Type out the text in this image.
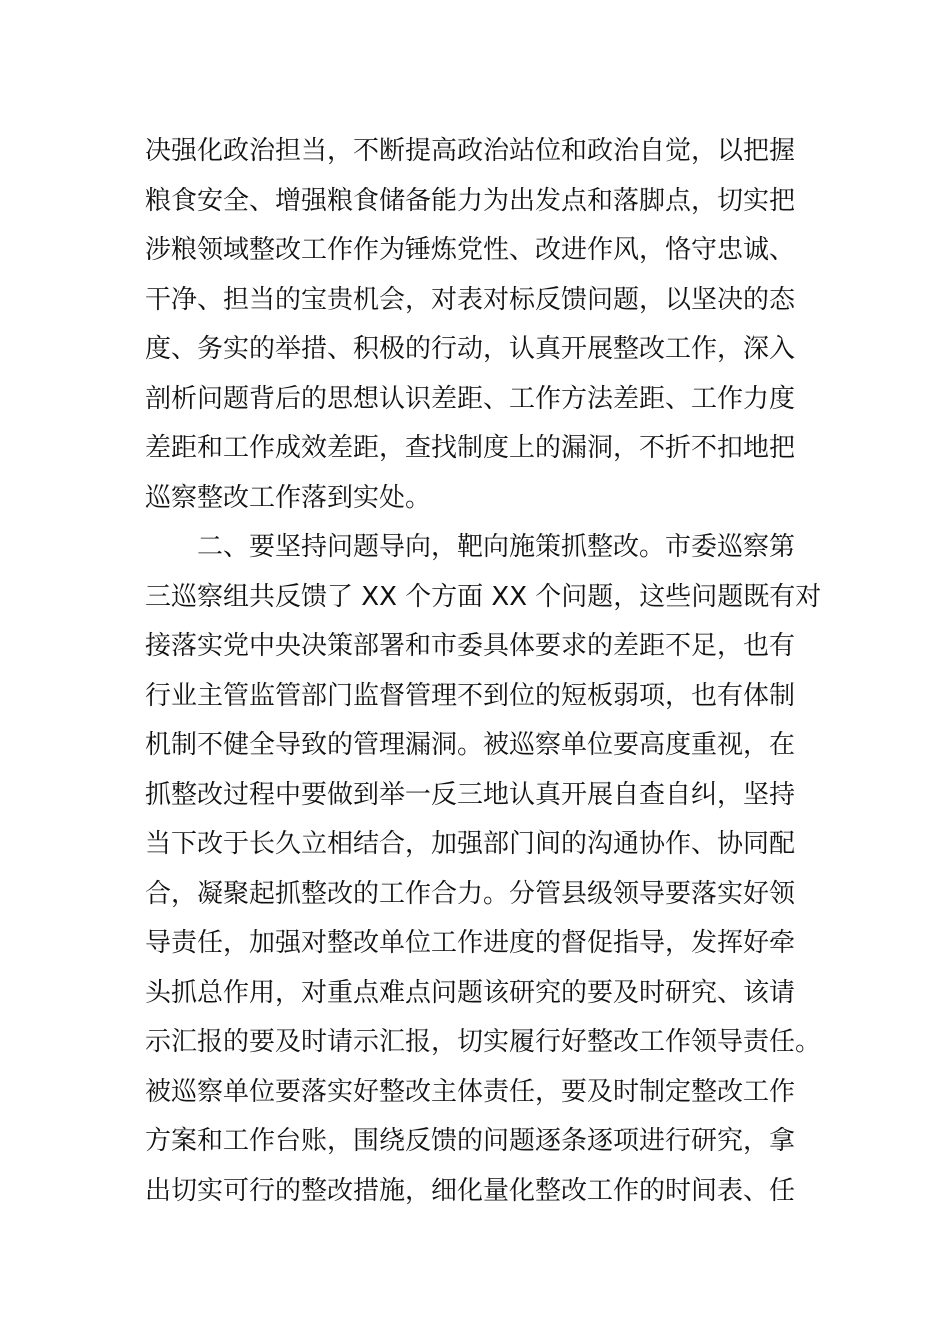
决强化政治担当，不断提高政治站位和政治自觉，以把握
粮食安全、增强粮食储备能力为出发点和落脚点，切实把
涉粮领域整改工作作为锤炼党性、改进作风，恪守忠诚、
干净、担当的宝贵机会，对表对标反馈问题，以坚决的态
度、务实的举措、积极的行动，认真开展整改工作，深入
剖析问题背后的思想认识差距、工作方法差距、工作力度
差距和工作成效差距，查找制度上的漏洞，不折不扣地把
巡察整改工作落到实处。
二、要坚持问题导向，靶向施策抓整改。市委巡察第
三巡察组共反馈了 XX 个方面 XX 个问题，这些问题既有对
接落实党中央决策部署和市委具体要求的差距不足，也有
行业主管监管部门监督管理不到位的短板弱项，也有体制
机制不健全导致的管理漏洞。被巡察单位要高度重视，在
抓整改过程中要做到举一反三地认真开展自查自纠，坚持
当下改于长久立相结合，加强部门间的沟通协作、协同配
合，凝聚起抓整改的工作合力。分管县级领导要落实好领
导责任，加强对整改单位工作进度的督促指导，发挥好牵
头抓总作用，对重点难点问题该研究的要及时研究、该请
示汇报的要及时请示汇报，切实履行好整改工作领导责任。
被巡察单位要落实好整改主体责任，要及时制定整改工作
方案和工作台账，围绕反馈的问题逐条逐项进行研究，拿
出切实可行的整改措施，细化量化整改工作的时间表、任
